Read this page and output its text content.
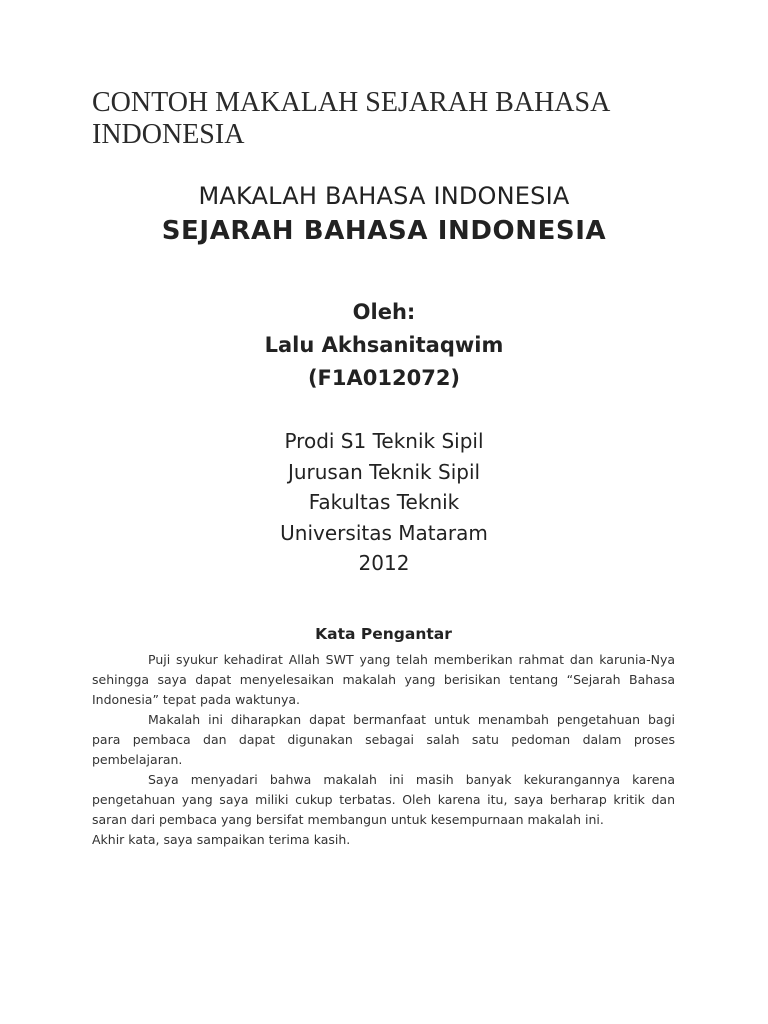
CONTOH MAKALAH SEJARAH BAHASA INDONESIA

MAKALAH BAHASA INDONESIA

SEJARAH BAHASA INDONESIA

Oleh:

Lalu Akhsanitaqwim

(F1A012072)

Prodi S1 Teknik Sipil

Jurusan Teknik Sipil

Fakultas Teknik

Universitas Mataram

2012

Kata Pengantar

Puji syukur kehadirat Allah SWT yang telah memberikan rahmat dan karunia-Nya sehingga saya dapat menyelesaikan makalah yang berisikan tentang “Sejarah Bahasa Indonesia” tepat pada waktunya.

Makalah ini diharapkan dapat bermanfaat untuk menambah pengetahuan bagi para pembaca dan dapat digunakan sebagai salah satu pedoman dalam proses pembelajaran.

Saya menyadari bahwa makalah ini masih banyak kekurangannya karena pengetahuan yang saya miliki cukup terbatas. Oleh karena itu, saya berharap kritik dan saran dari pembaca yang bersifat membangun untuk kesempurnaan makalah ini.

Akhir kata, saya sampaikan terima kasih.
